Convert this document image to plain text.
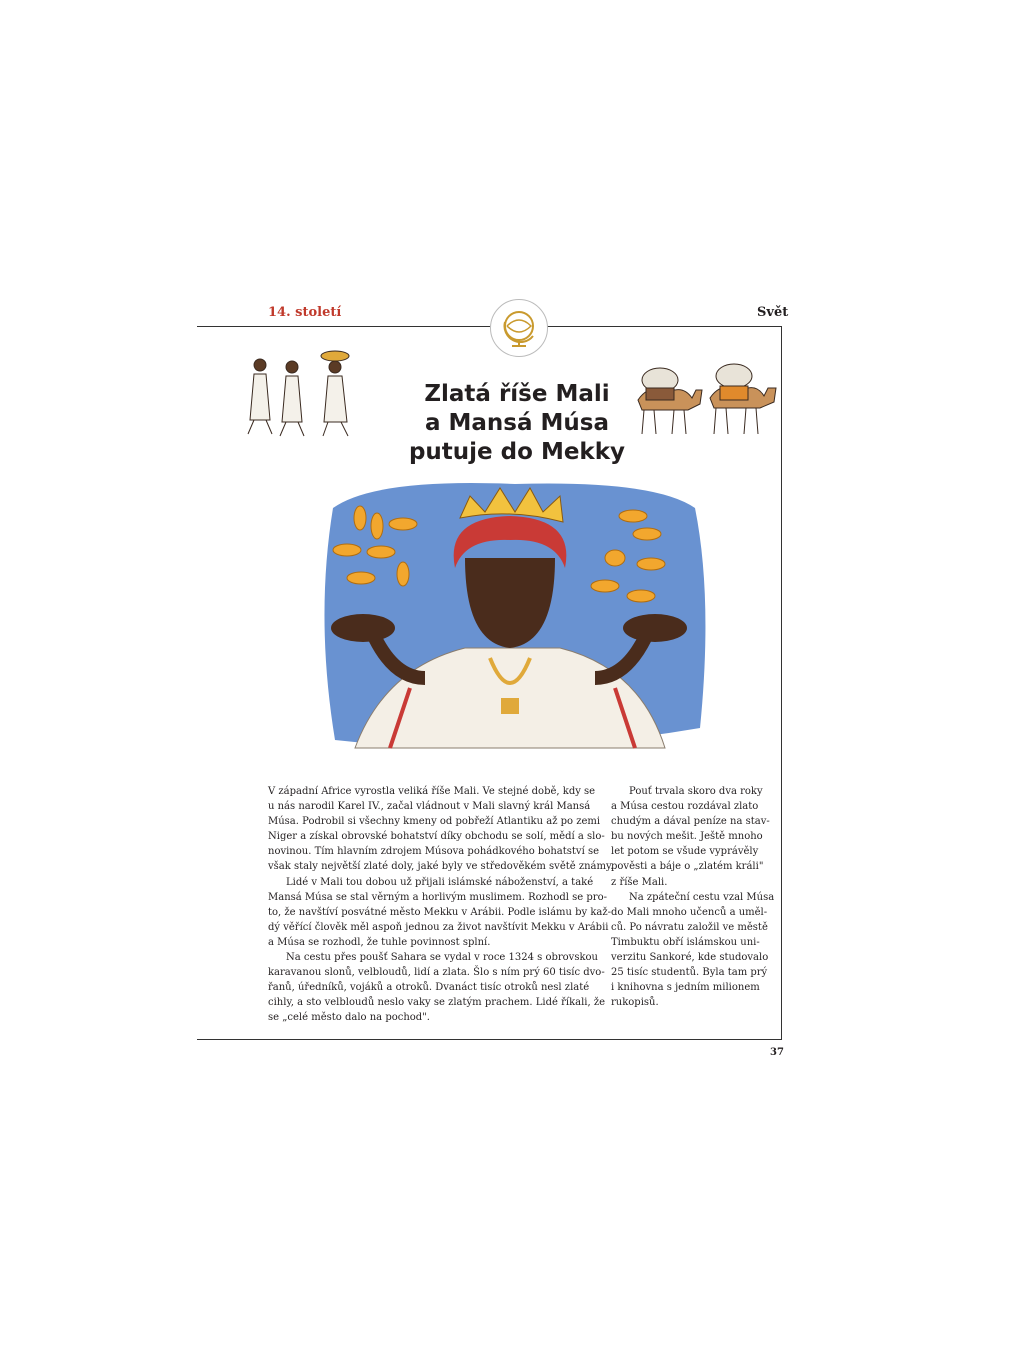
14. století	Svět
Zlatá říše Mali
a Mansá Músa
putuje do Mekky

V západní Africe vyrostla veliká říše Mali. Ve stejné době, kdy se

u nás narodil Karel IV., začal vládnout v Mali slavný král Mansá

Músa. Podrobil si všechny kmeny od pobřeží Atlantiku až po zemi

Niger a získal obrovské bohatství díky obchodu se solí, mědí a slo-

novinou. Tím hlavním zdrojem Músova pohádkového bohatství se

však staly největší zlaté doly, jaké byly ve středověkém světě známy.

Lidé v Mali tou dobou už přijali islámské náboženství, a také

Mansá Músa se stal věrným a horlivým muslimem. Rozhodl se pro-

to, že navštíví posvátné město Mekku v Arábii. Podle islámu by kaž-

dý věřící člověk měl aspoň jednou za život navštívit Mekku v Arábii

a Músa se rozhodl, že tuhle povinnost splní.

Na cestu přes poušť Sahara se vydal v roce 1324 s obrovskou

karavanou slonů, velbloudů, lidí a zlata. Šlo s ním prý 60 tisíc dvo-

řanů, úředníků, vojáků a otroků. Dvanáct tisíc otroků nesl zlaté

cihly, a sto velbloudů neslo vaky se zlatým prachem. Lidé říkali, že

se „celé město dalo na pochod".

Pouť trvala skoro dva roky

a Músa cestou rozdával zlato

chudým a dával peníze na stav-

bu nových mešit. Ještě mnoho

let potom se všude vyprávěly

pověsti a báje o „zlatém králi"

z říše Mali.

Na zpáteční cestu vzal Músa

do Mali mnoho učenců a uměl-

ců. Po návratu založil ve městě

Timbuktu obří islámskou uni-

verzitu Sankoré, kde studovalo

25 tisíc studentů. Byla tam prý

i knihovna s jedním milionem

rukopisů.

37
